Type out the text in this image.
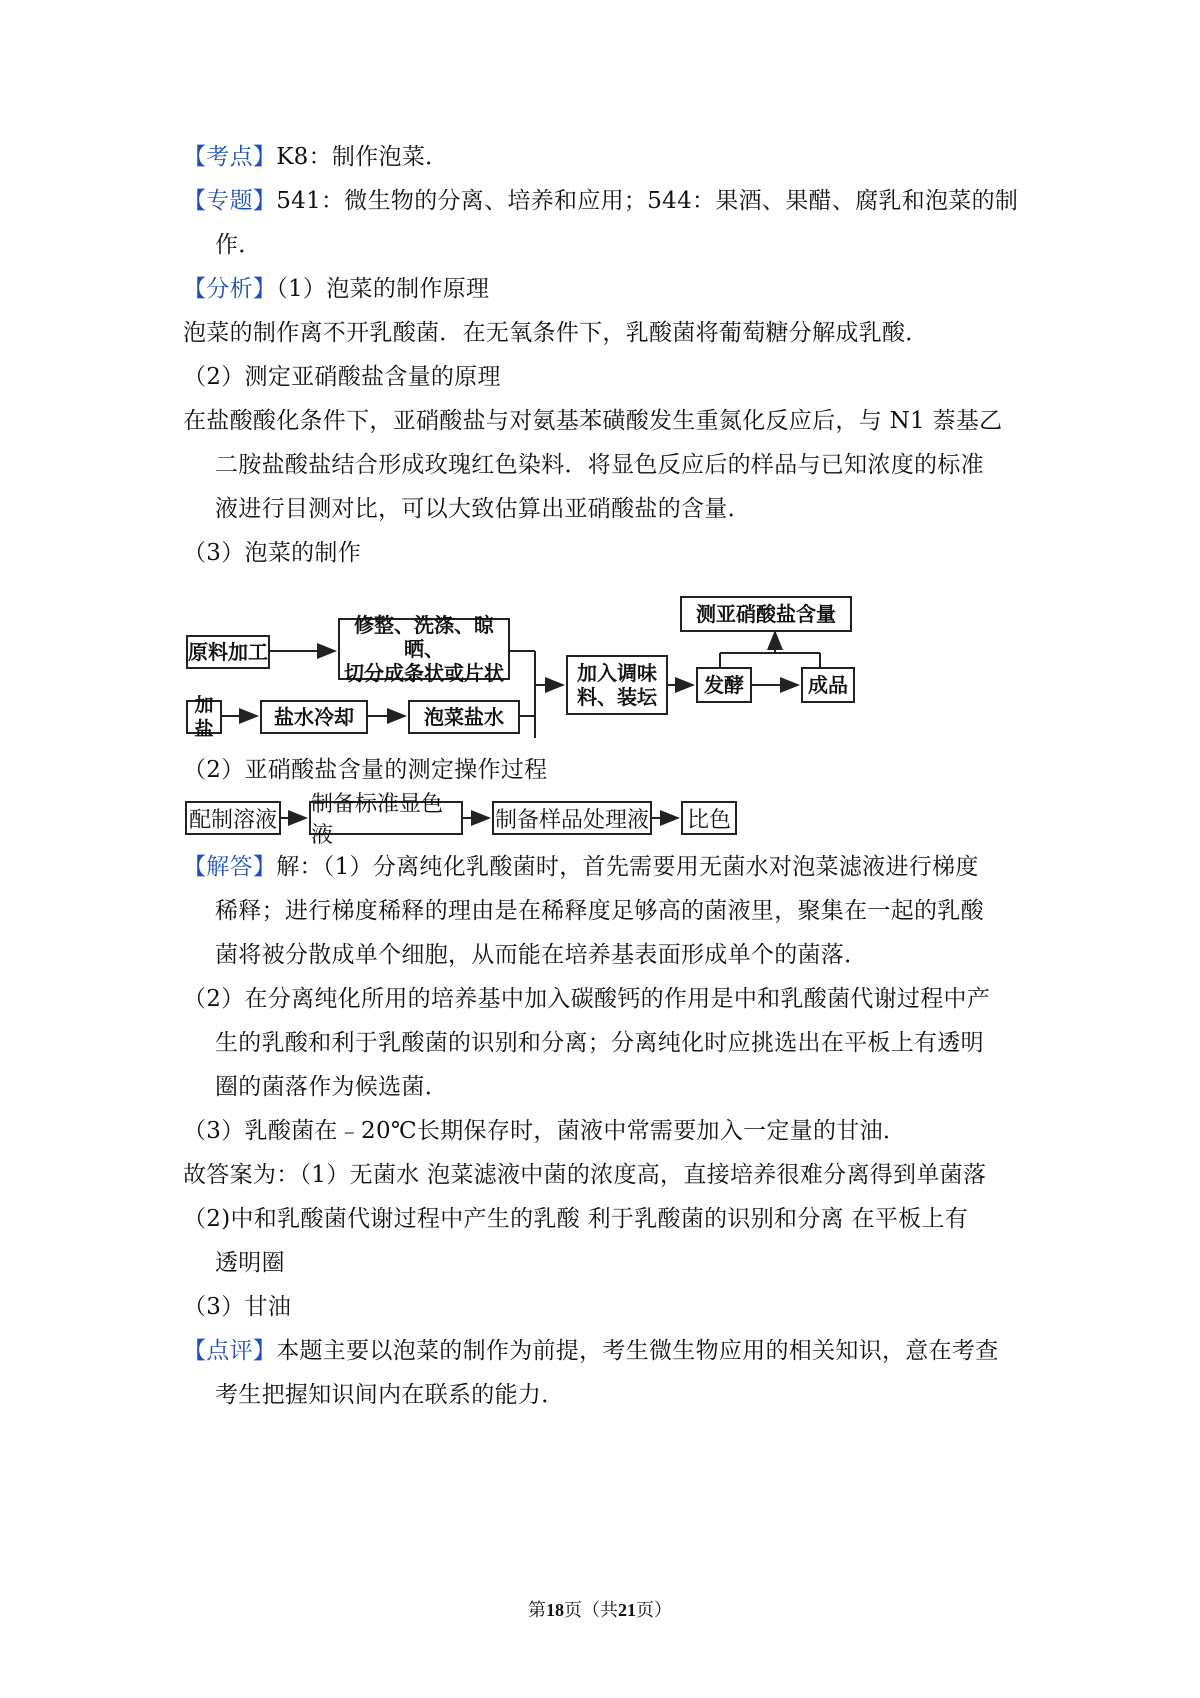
【考点】K8：制作泡菜．
【专题】541：微生物的分离、培养和应用；544：果酒、果醋、腐乳和泡菜的制
作．
【分析】（1）泡菜的制作原理
泡菜的制作离不开乳酸菌．在无氧条件下，乳酸菌将葡萄糖分解成乳酸．
（2）测定亚硝酸盐含量的原理
在盐酸酸化条件下，亚硝酸盐与对氨基苯磺酸发生重氮化反应后，与 N1 萘基乙
二胺盐酸盐结合形成玫瑰红色染料．将显色反应后的样品与已知浓度的标准
液进行目测对比，可以大致估算出亚硝酸盐的含量．
（3）泡菜的制作
原料加工
修整、洗涤、晾晒、
切分成条状或片状
加盐	盐水冷却	泡菜盐水
加入调味
料、装坛 发酵	成品
测亚硝酸盐含量
（2）亚硝酸盐含量的测定操作过程
配制溶液
制备标准显色液
制备样品处理液 比色
【解答】解：（1）分离纯化乳酸菌时，首先需要用无菌水对泡菜滤液进行梯度
稀释；进行梯度稀释的理由是在稀释度足够高的菌液里，聚集在一起的乳酸
菌将被分散成单个细胞，从而能在培养基表面形成单个的菌落．
（2）在分离纯化所用的培养基中加入碳酸钙的作用是中和乳酸菌代谢过程中产
生的乳酸和利于乳酸菌的识别和分离；分离纯化时应挑选出在平板上有透明
圈的菌落作为候选菌．
（3）乳酸菌在﹣20℃长期保存时，菌液中常需要加入一定量的甘油．
故答案为：（1）无菌水 泡菜滤液中菌的浓度高，直接培养很难分离得到单菌落
（2)中和乳酸菌代谢过程中产生的乳酸 利于乳酸菌的识别和分离 在平板上有
透明圈
（3）甘油
【点评】本题主要以泡菜的制作为前提，考生微生物应用的相关知识，意在考查
考生把握知识间内在联系的能力．
第18页（共21页）
